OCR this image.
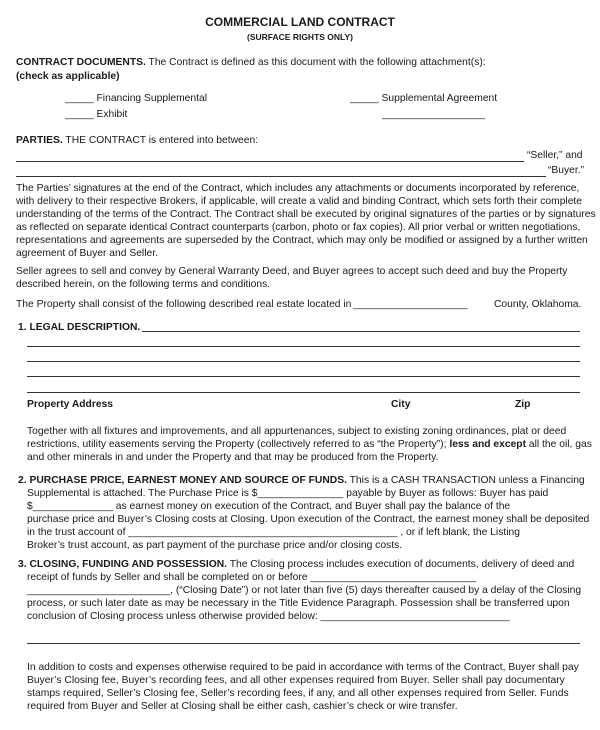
COMMERCIAL LAND CONTRACT
(SURFACE RIGHTS ONLY)
CONTRACT DOCUMENTS. The Contract is defined as this document with the following attachment(s):
(check as applicable)
_____ Financing Supplemental	_____ Supplemental Agreement
_____ Exhibit	__________________
PARTIES. THE CONTRACT is entered into between:
“Seller,” and
“Buyer.”
The Parties’ signatures at the end of the Contract, which includes any attachments or documents incorporated by reference,
with delivery to their respective Brokers, if applicable, will create a valid and binding Contract, which sets forth their complete
understanding of the terms of the Contract. The Contract shall be executed by original signatures of the parties or by signatures
as reflected on separate identical Contract counterparts (carbon, photo or fax copies). All prior verbal or written negotiations,
representations and agreements are superseded by the Contract, which may only be modified or assigned by a further written
agreement of Buyer and Seller.
Seller agrees to sell and convey by General Warranty Deed, and Buyer agrees to accept such deed and buy the Property
described herein, on the following terms and conditions.
The Property shall consist of the following described real estate located in ____________________	County, Oklahoma.
1. LEGAL DESCRIPTION.
Property Address	City	Zip
Together with all fixtures and improvements, and all appurtenances, subject to existing zoning ordinances, plat or deed
restrictions, utility easements serving the Property (collectively referred to as “the Property”); less and except all the oil, gas
and other minerals in and under the Property and that may be produced from the Property.
2. PURCHASE PRICE, EARNEST MONEY AND SOURCE OF FUNDS. This is a CASH TRANSACTION unless a Financing
Supplemental is attached. The Purchase Price is $_______________ payable by Buyer as follows: Buyer has paid
$______________ as earnest money on execution of the Contract, and Buyer shall pay the balance of the
purchase price and Buyer’s Closing costs at Closing. Upon execution of the Contract, the earnest money shall be deposited
in the trust account of _______________________________________________ , or if left blank, the Listing
Broker’s trust account, as part payment of the purchase price and/or closing costs.
3. CLOSING, FUNDING AND POSSESSION. The Closing process includes execution of documents, delivery of deed and
receipt of funds by Seller and shall be completed on or before _____________________________
_________________________, (“Closing Date”) or not later than five (5) days thereafter caused by a delay of the Closing
process, or such later date as may be necessary in the Title Evidence Paragraph. Possession shall be transferred upon
conclusion of Closing process unless otherwise provided below: _________________________________
In addition to costs and expenses otherwise required to be paid in accordance with terms of the Contract, Buyer shall pay
Buyer’s Closing fee, Buyer’s recording fees, and all other expenses required from Buyer. Seller shall pay documentary
stamps required, Seller’s Closing fee, Seller’s recording fees, if any, and all other expenses required from Seller. Funds
required from Buyer and Seller at Closing shall be either cash, cashier’s check or wire transfer.
